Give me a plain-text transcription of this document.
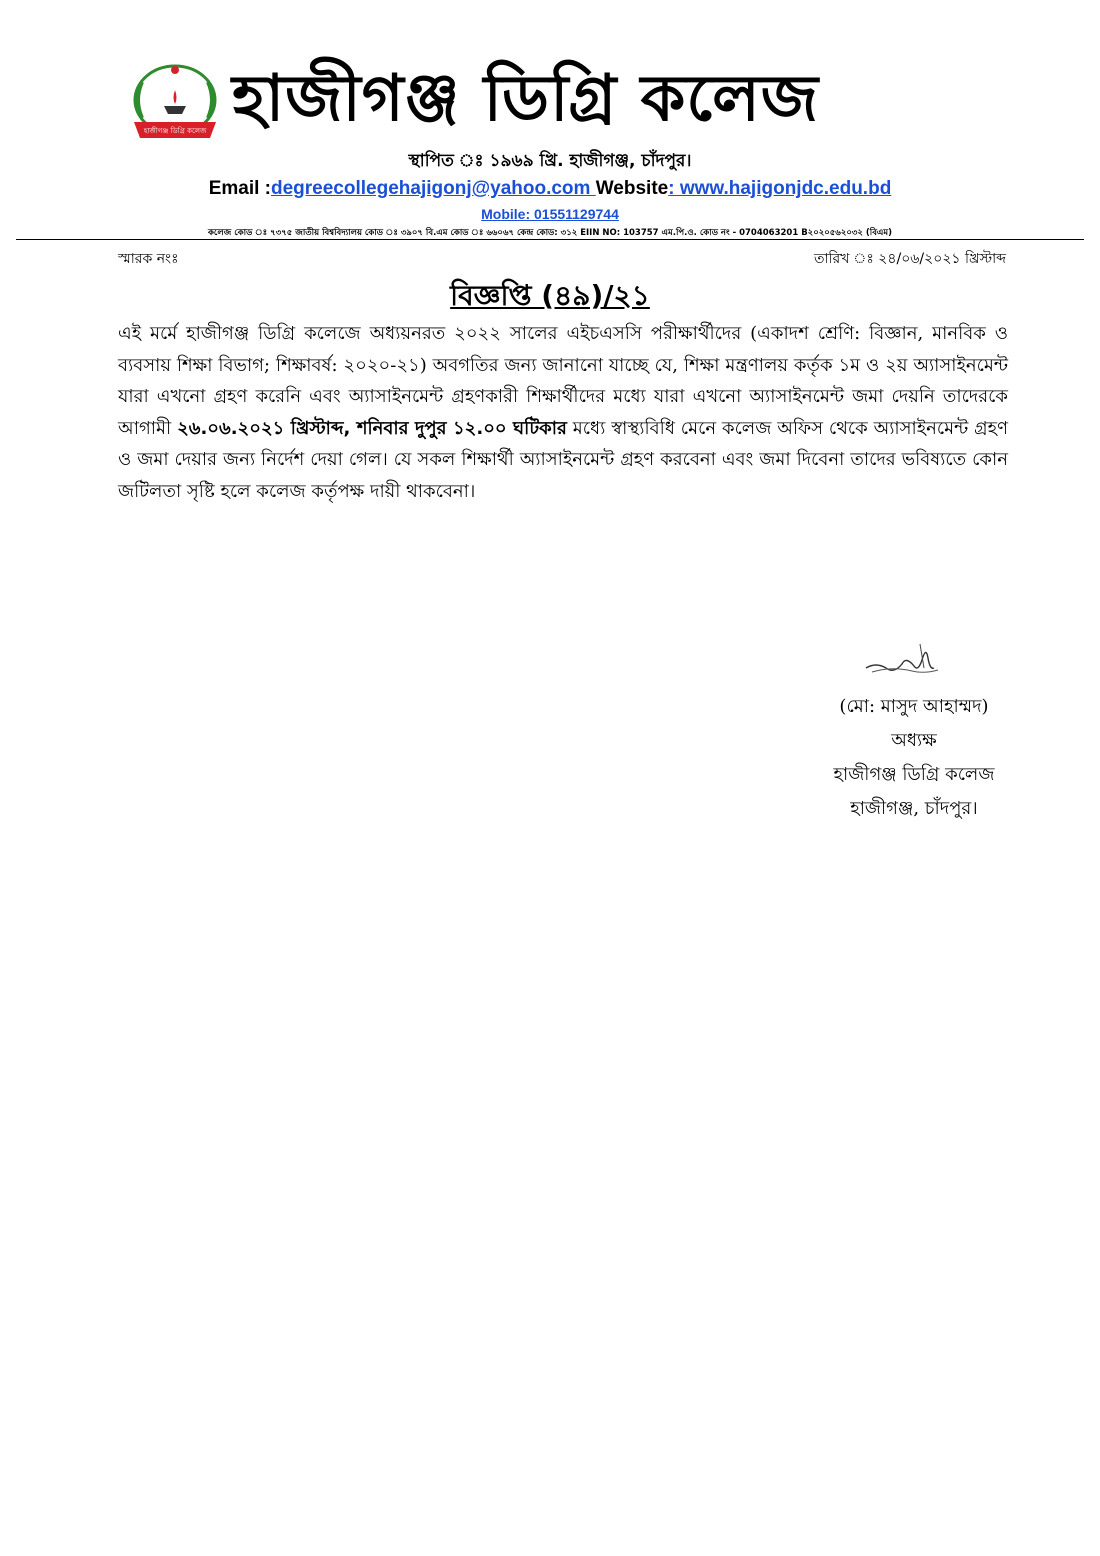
হাজীগঞ্জ ডিগ্রি কলেজ হাজীগঞ্জ ডিগ্রি কলেজ
স্থাপিত ঃ ১৯৬৯ খ্রি. হাজীগঞ্জ, চাঁদপুর।
Email :degreecollegehajigonj@yahoo.com Website: www.hajigonjdc.edu.bd
Mobile: 01551129744
কলেজ কোড ঃ ৭৩৭৫ জাতীয় বিশ্ববিদ্যালয় কোড ঃ ৩৯০৭ বি.এম কোড ঃ ৬৬০৬৭ কেন্দ্র কোড: ৩১২ EIIN NO: 103757 এম.পি.ও. কোড নং - 0704063201 B২০২০৫৬২০৩২ (বিএম)
স্মারক নংঃ	তারিখ ঃ ২৪/০৬/২০২১ খ্রিস্টাব্দ
বিজ্ঞপ্তি (৪৯)/২১
এই মর্মে হাজীগঞ্জ ডিগ্রি কলেজে অধ্যয়নরত ২০২২ সালের এইচএসসি পরীক্ষার্থীদের (একাদশ শ্রেণি: বিজ্ঞান, মানবিক ও ব্যবসায় শিক্ষা বিভাগ; শিক্ষাবর্ষ: ২০২০-২১) অবগতির জন্য জানানো যাচ্ছে যে, শিক্ষা মন্ত্রণালয় কর্তৃক ১ম ও ২য় অ্যাসাইনমেন্ট যারা এখনো গ্রহণ করেনি এবং অ্যাসাইনমেন্ট গ্রহণকারী শিক্ষার্থীদের মধ্যে যারা এখনো অ্যাসাইনমেন্ট জমা দেয়নি তাদেরকে আগামী ২৬.০৬.২০২১ খ্রিস্টাব্দ, শনিবার দুপুর ১২.০০ ঘটিকার মধ্যে স্বাস্থ্যবিধি মেনে কলেজ অফিস থেকে অ্যাসাইনমেন্ট গ্রহণ ও জমা দেয়ার জন্য নির্দেশ দেয়া গেল। যে সকল শিক্ষার্থী অ্যাসাইনমেন্ট গ্রহণ করবেনা এবং জমা দিবেনা তাদের ভবিষ্যতে কোন জটিলতা সৃষ্টি হলে কলেজ কর্তৃপক্ষ দায়ী থাকবেনা।
(মো: মাসুদ আহাম্মদ)
অধ্যক্ষ
হাজীগঞ্জ ডিগ্রি কলেজ
হাজীগঞ্জ, চাঁদপুর।
